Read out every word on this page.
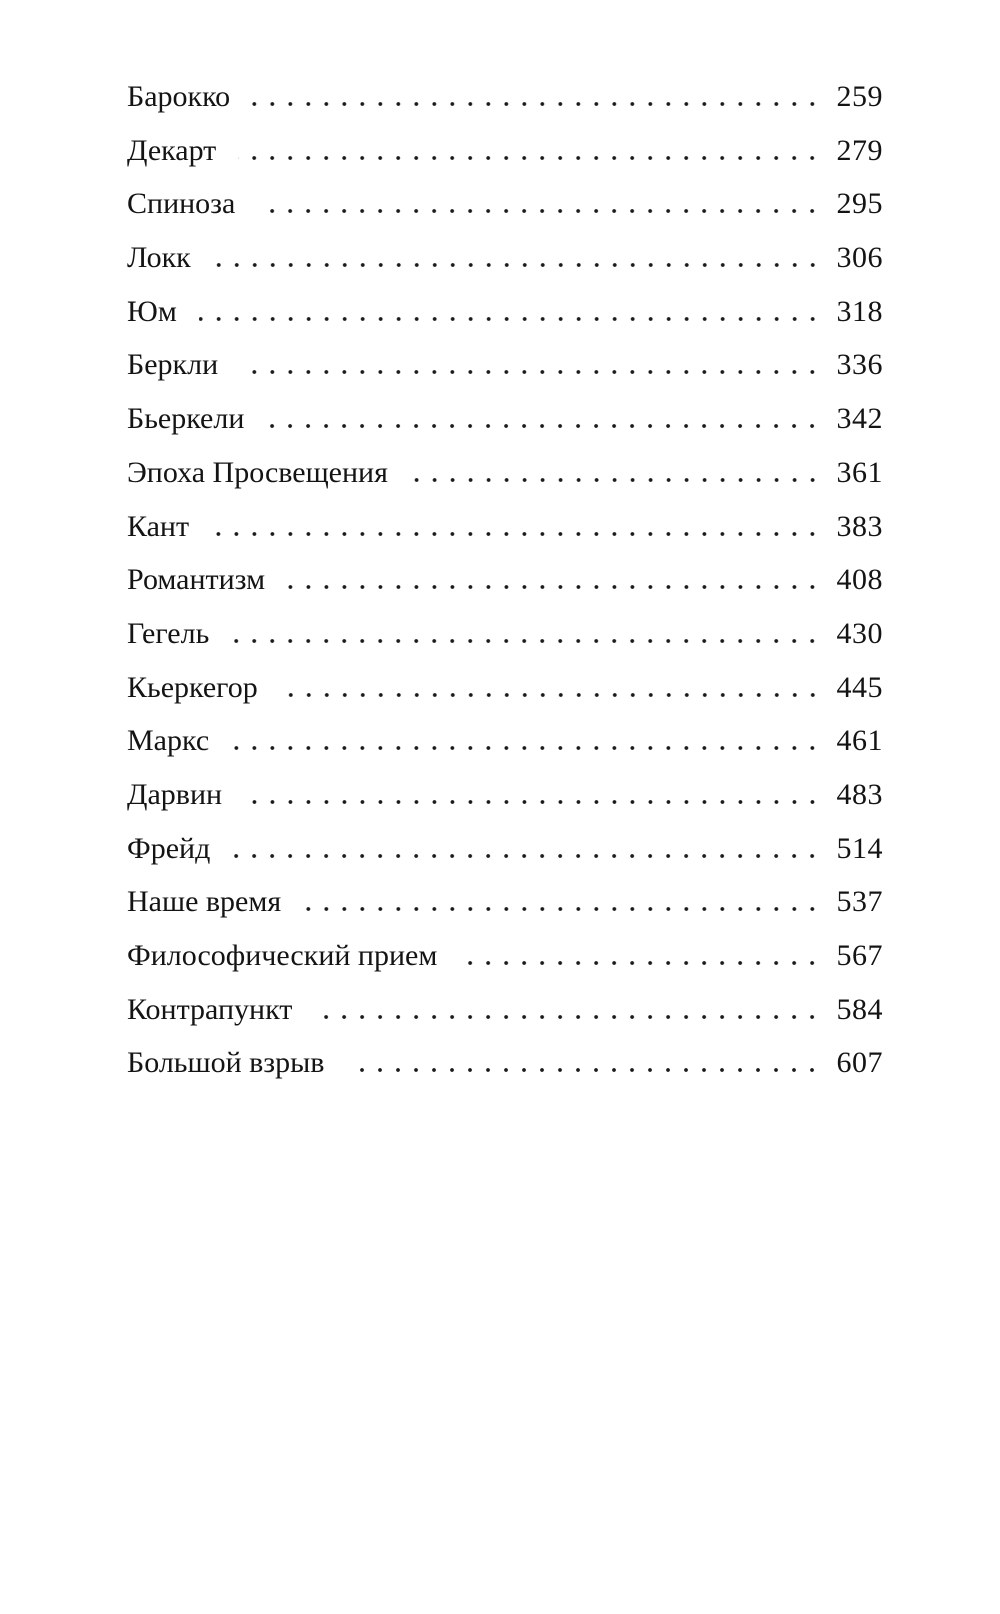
Барокко	259
Декарт	279
Спиноза	295
Локк	306
Юм	318
Беркли	336
Бьеркели	342
Эпоха Просвещения	361
Кант	383
Романтизм	408
Гегель	430
Кьеркегор	445
Маркс	461
Дарвин	483
Фрейд	514
Наше время	537
Философический прием	567
Контрапункт	584
Большой взрыв	607
